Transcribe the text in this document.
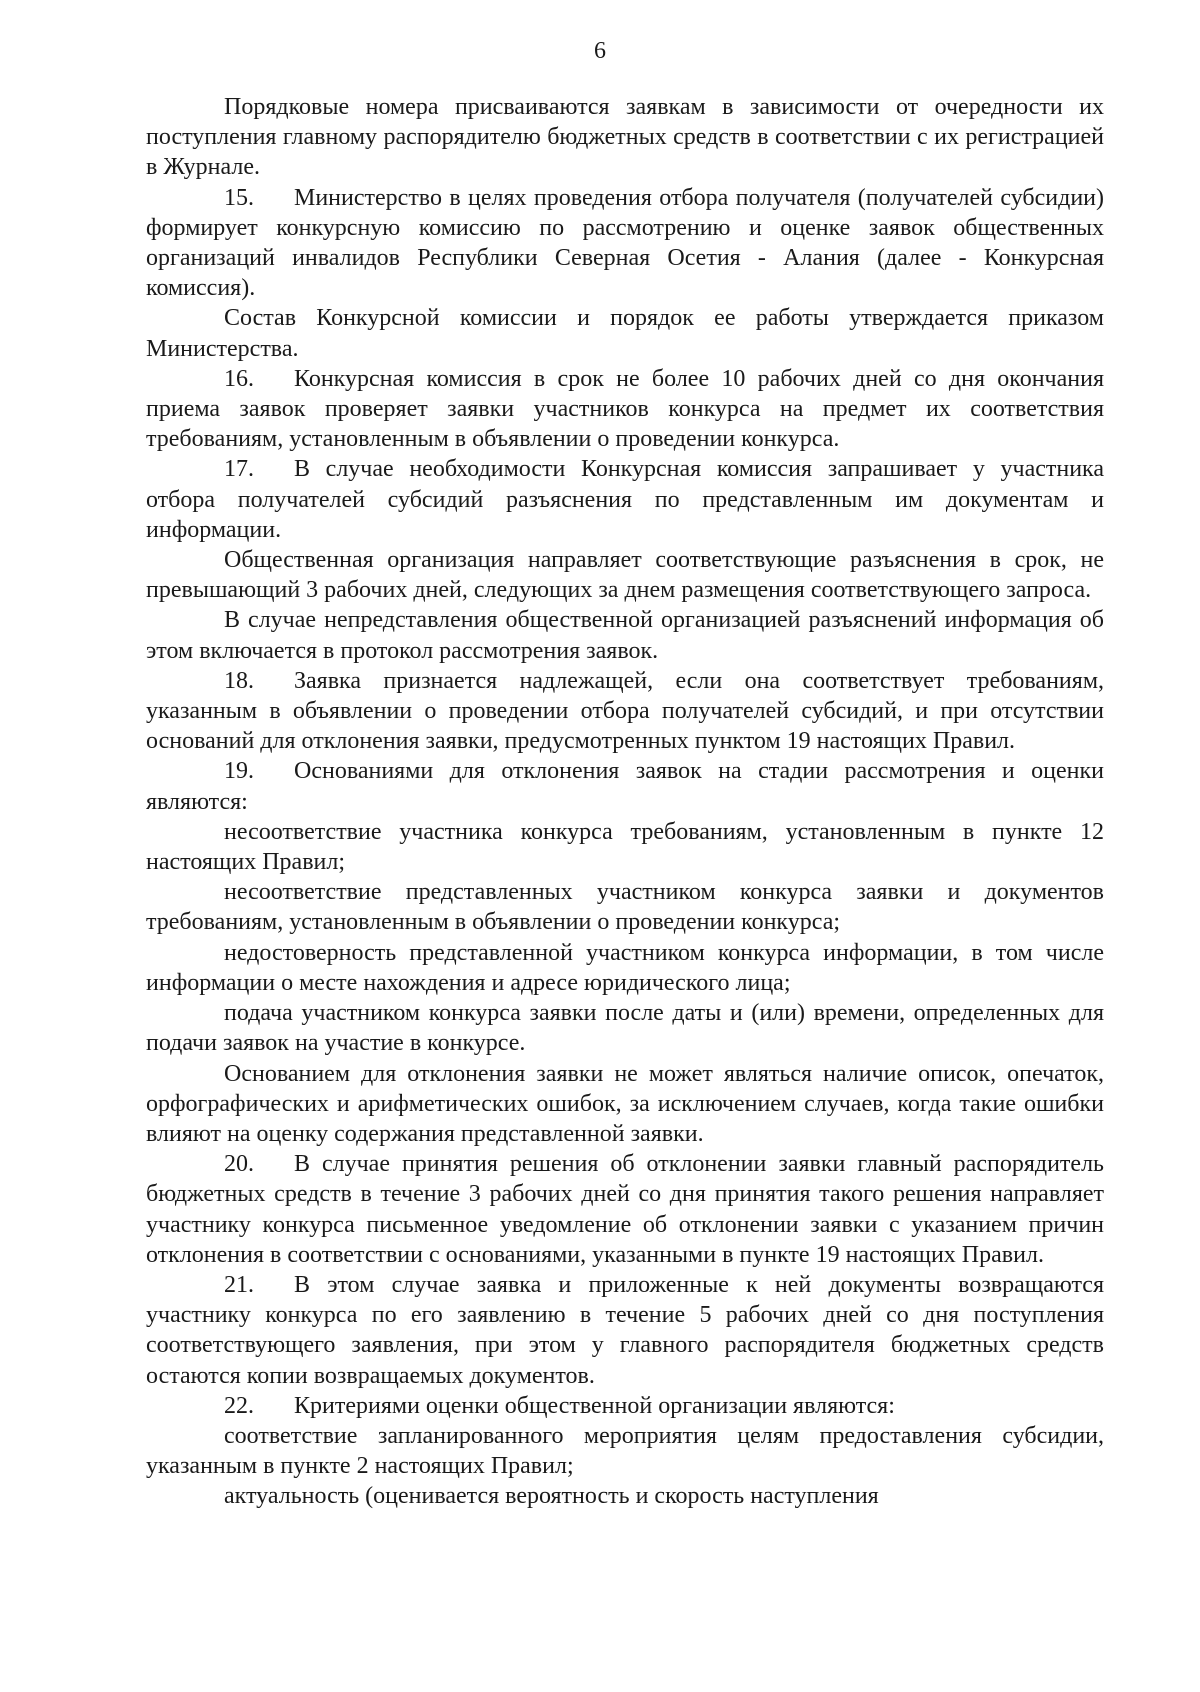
6

Порядковые номера присваиваются заявкам в зависимости от очередности их поступления главному распорядителю бюджетных средств в соответствии с их регистрацией в Журнале.

15. Министерство в целях проведения отбора получателя (получателей субсидии) формирует конкурсную комиссию по рассмотрению и оценке заявок общественных организаций инвалидов Республики Северная Осетия - Алания (далее - Конкурсная комиссия).

Состав Конкурсной комиссии и порядок ее работы утверждается приказом Министерства.

16. Конкурсная комиссия в срок не более 10 рабочих дней со дня окончания приема заявок проверяет заявки участников конкурса на предмет их соответствия требованиям, установленным в объявлении о проведении конкурса.

17. В случае необходимости Конкурсная комиссия запрашивает у участника отбора получателей субсидий разъяснения по представленным им документам и информации.

Общественная организация направляет соответствующие разъяснения в срок, не превышающий 3 рабочих дней, следующих за днем размещения соответствующего запроса.

В случае непредставления общественной организацией разъяснений информация об этом включается в протокол рассмотрения заявок.

18. Заявка признается надлежащей, если она соответствует требованиям, указанным в объявлении о проведении отбора получателей субсидий, и при отсутствии оснований для отклонения заявки, предусмотренных пунктом 19 настоящих Правил.

19. Основаниями для отклонения заявок на стадии рассмотрения и оценки являются:

несоответствие участника конкурса требованиям, установленным в пункте 12 настоящих Правил;

несоответствие представленных участником конкурса заявки и документов требованиям, установленным в объявлении о проведении конкурса;

недостоверность представленной участником конкурса информации, в том числе информации о месте нахождения и адресе юридического лица;

подача участником конкурса заявки после даты и (или) времени, определенных для подачи заявок на участие в конкурсе.

Основанием для отклонения заявки не может являться наличие описок, опечаток, орфографических и арифметических ошибок, за исключением случаев, когда такие ошибки влияют на оценку содержания представленной заявки.

20. В случае принятия решения об отклонении заявки главный распорядитель бюджетных средств в течение 3 рабочих дней со дня принятия такого решения направляет участнику конкурса письменное уведомление об отклонении заявки с указанием причин отклонения в соответствии с основаниями, указанными в пункте 19 настоящих Правил.

21. В этом случае заявка и приложенные к ней документы возвращаются участнику конкурса по его заявлению в течение 5 рабочих дней со дня поступления соответствующего заявления, при этом у главного распорядителя бюджетных средств остаются копии возвращаемых документов.

22. Критериями оценки общественной организации являются:

соответствие запланированного мероприятия целям предоставления субсидии, указанным в пункте 2 настоящих Правил;

актуальность (оценивается вероятность и скорость наступления
